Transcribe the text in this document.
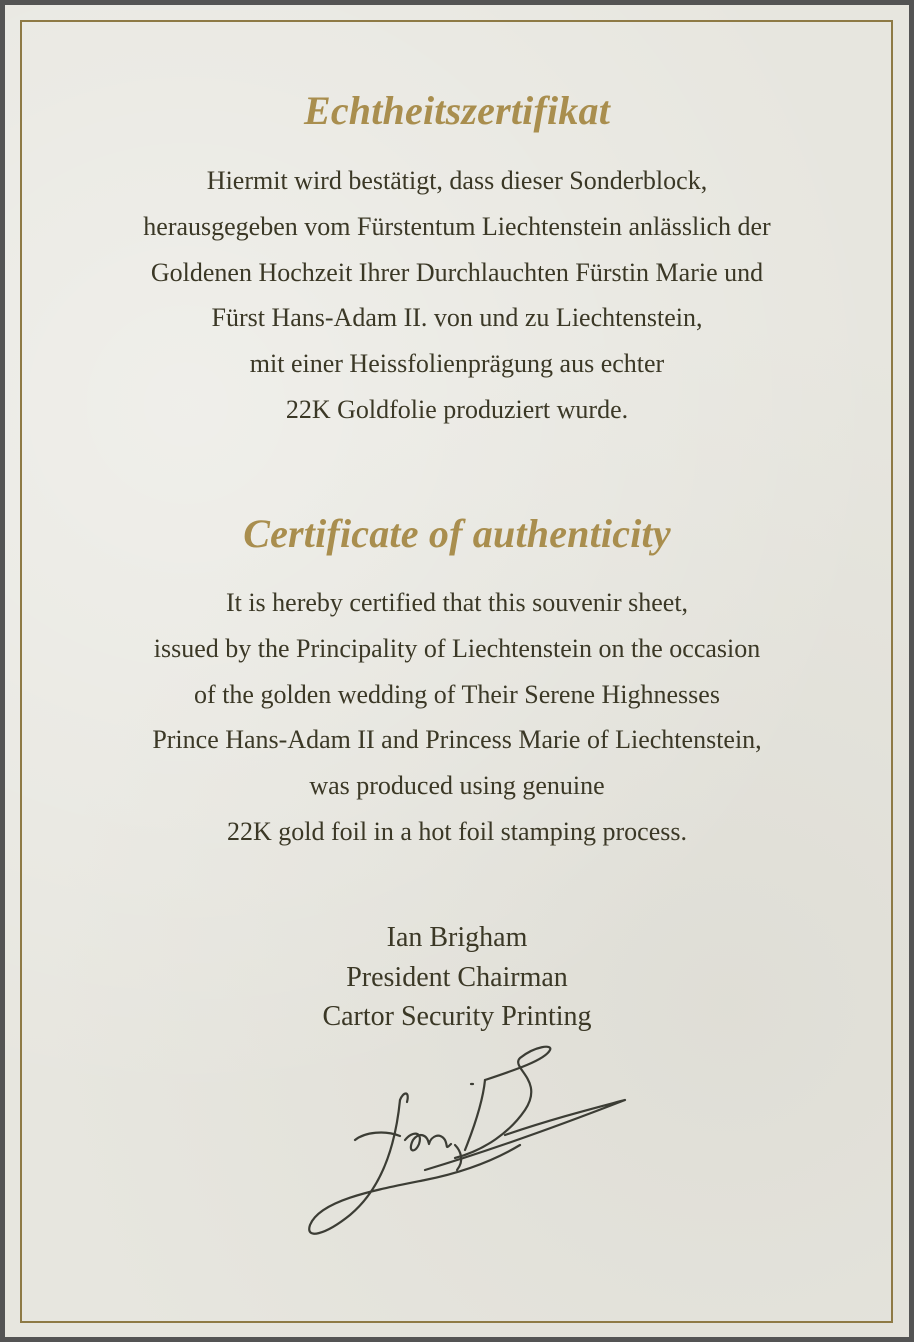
Echtheitszertifikat
Hiermit wird bestätigt, dass dieser Sonderblock,
herausgegeben vom Fürstentum Liechtenstein anlässlich der
Goldenen Hochzeit Ihrer Durchlauchten Fürstin Marie und
Fürst Hans-Adam II. von und zu Liechtenstein,
mit einer Heissfolienprägung aus echter
22K Goldfolie produziert wurde.
Certificate of authenticity
It is hereby certified that this souvenir sheet,
issued by the Principality of Liechtenstein on the occasion
of the golden wedding of Their Serene Highnesses
Prince Hans-Adam II and Princess Marie of Liechtenstein,
was produced using genuine
22K gold foil in a hot foil stamping process.
Ian Brigham
President Chairman
Cartor Security Printing
